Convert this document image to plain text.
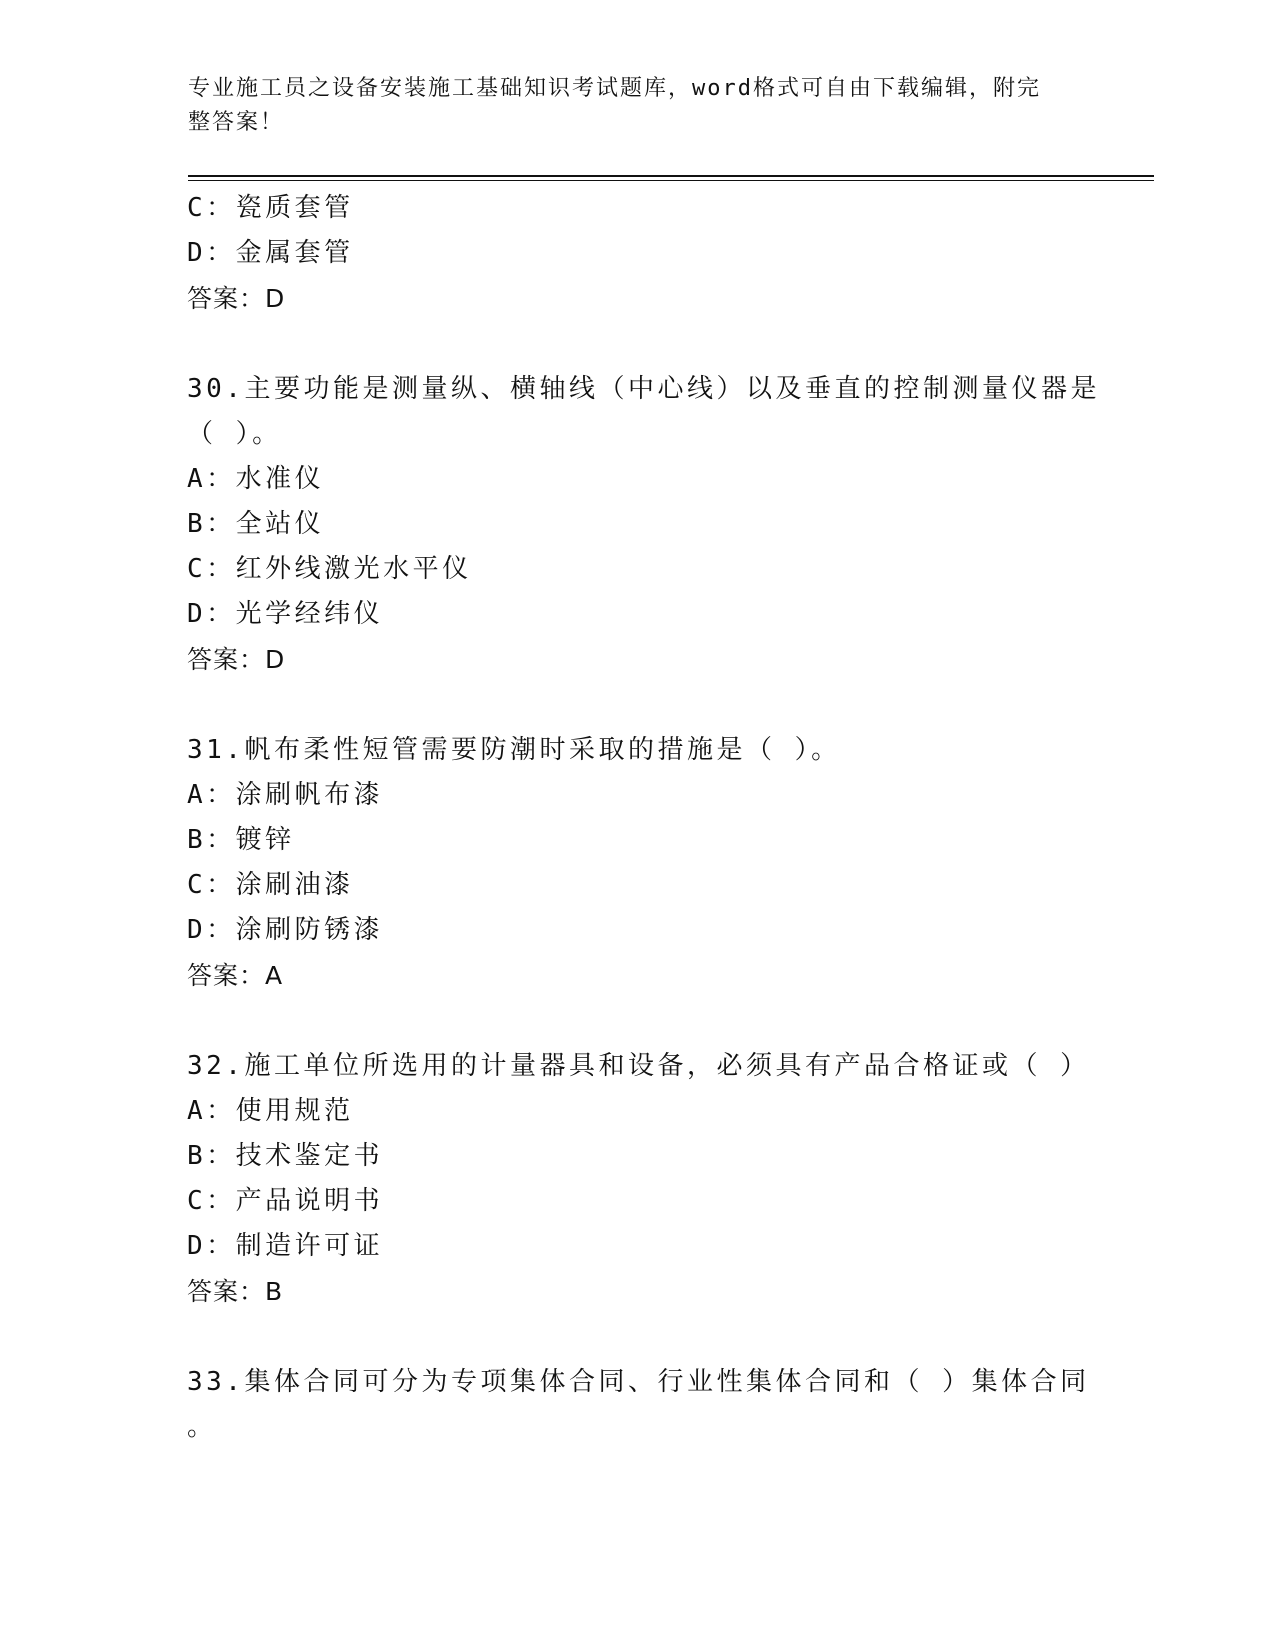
专业施工员之设备安装施工基础知识考试题库，word格式可自由下载编辑，附完
整答案！

C：瓷质套管

D：金属套管

答案：D

30.主要功能是测量纵、横轴线（中心线）以及垂直的控制测量仪器是

（ ）。

A：水准仪

B：全站仪

C：红外线激光水平仪

D：光学经纬仪

答案：D

31.帆布柔性短管需要防潮时采取的措施是（ ）。

A：涂刷帆布漆

B：镀锌

C：涂刷油漆

D：涂刷防锈漆

答案：A

32.施工单位所选用的计量器具和设备，必须具有产品合格证或（ ）

A：使用规范

B：技术鉴定书

C：产品说明书

D：制造许可证

答案：B

33.集体合同可分为专项集体合同、行业性集体合同和（ ）集体合同

。
